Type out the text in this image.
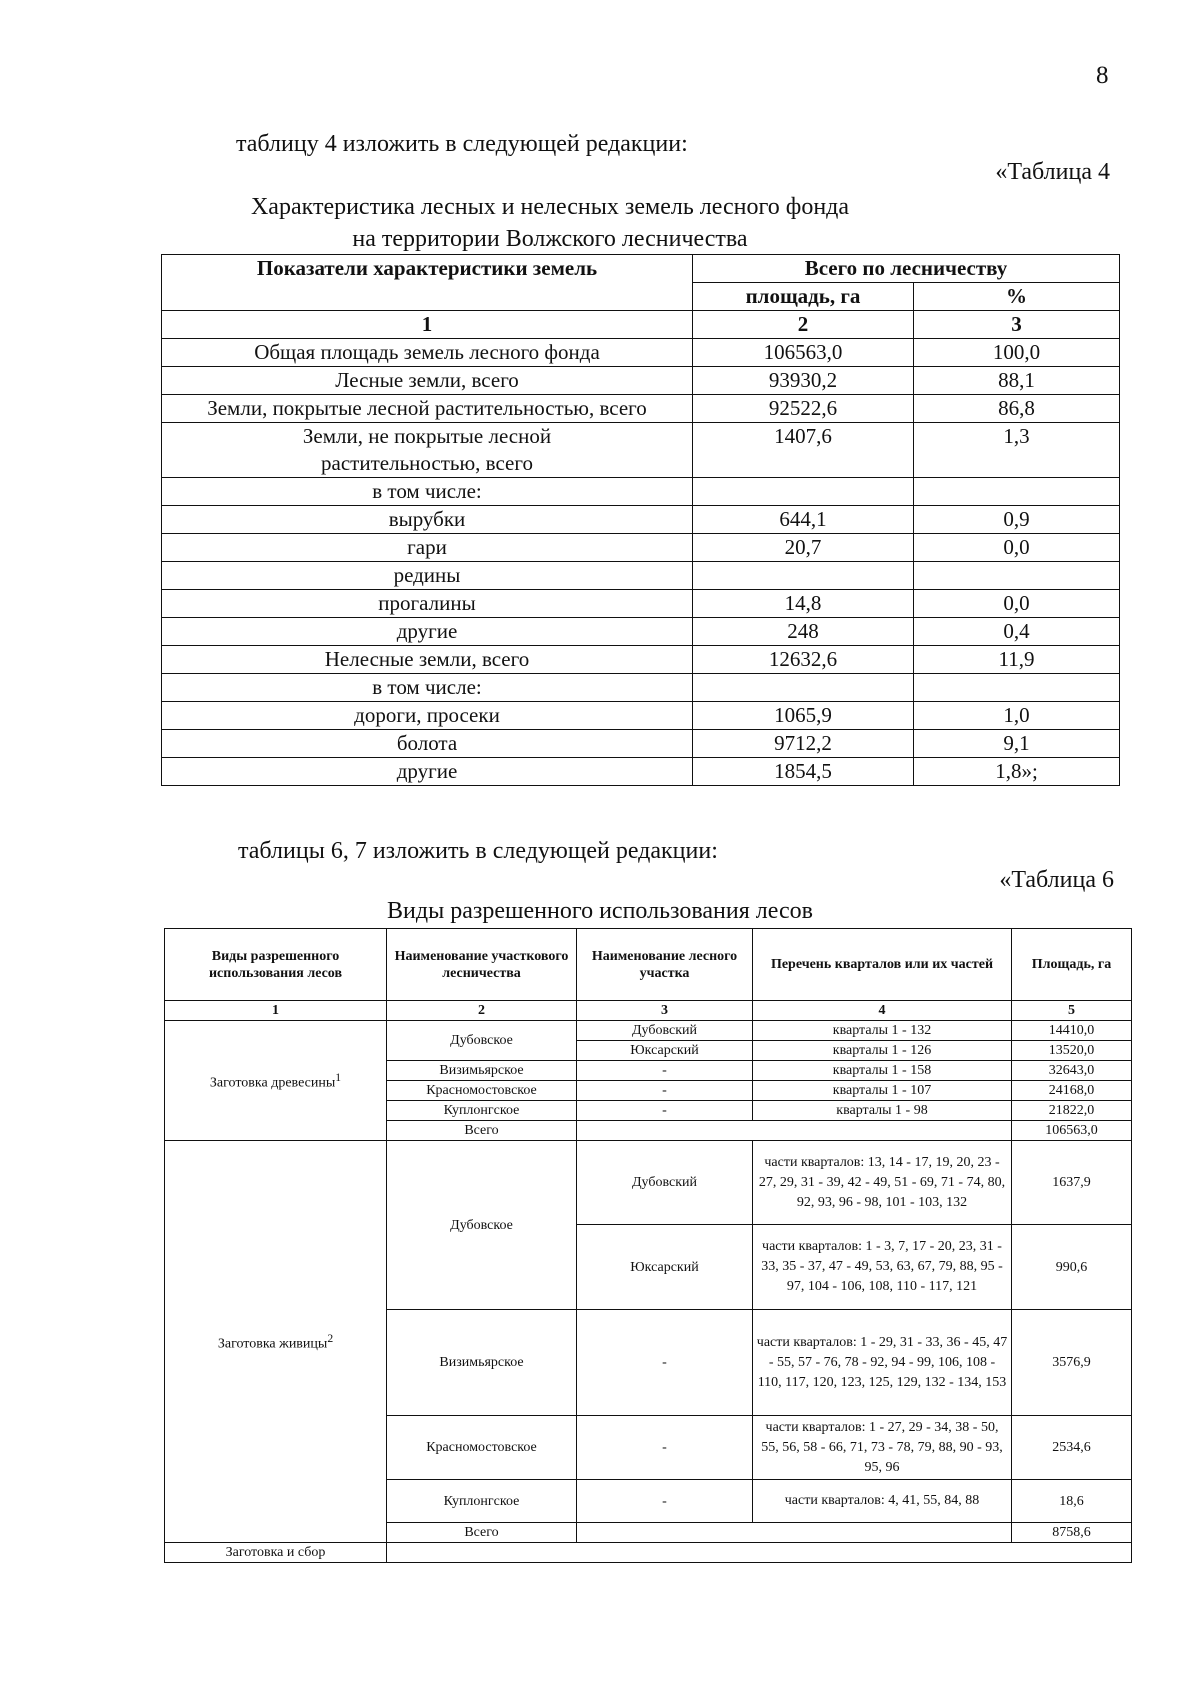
8
таблицу 4 изложить в следующей редакции:
«Таблица 4
Характеристика лесных и нелесных земель лесного фонда
на территории Волжского лесничества
Показатели характеристики земель	Всего по лесничеству	
	площадь, га	%
1	2	3
Общая площадь земель лесного фонда	106563,0	100,0
Лесные земли, всего	93930,2	88,1
Земли, покрытые лесной растительностью, всего	92522,6	86,8
Земли, не покрытые лесной растительностью, всего	1407,6	1,3
в том числе:		
вырубки	644,1	0,9
гари	20,7	0,0
редины		
прогалины	14,8	0,0
другие	248	0,4
Нелесные земли, всего	12632,6	11,9
в том числе:		
дороги, просеки	1065,9	1,0
болота	9712,2	9,1
другие	1854,5	1,8»;
таблицы 6, 7 изложить в следующей редакции:
«Таблица 6
Виды разрешенного использования лесов
Виды разрешенного использования лесов	Наименование участкового лесничества	Наименование лесного участка	Перечень кварталов или их частей	Площадь, га
1	2	3	4	5
Заготовка древесины$^1$	Дубовское	Дубовский	кварталы 1 - 132	14410,0
		Юксарский	кварталы 1 - 126	13520,0
	Визимьярское	-	кварталы 1 - 158	32643,0
	Красномостовское	-	кварталы 1 - 107	24168,0
	Куплонгское	-	кварталы 1 - 98	21822,0
	Всего			106563,0
Заготовка живицы$^2$	Дубовское	Дубовский	части кварталов: 13, 14 - 17, 19, 20, 23 - 27, 29, 31 - 39, 42 - 49, 51 - 69, 71 - 74, 80, 92, 93, 96 - 98, 101 - 103, 132	1637,9
		Юксарский	части кварталов: 1 - 3, 7, 17 - 20, 23, 31 - 33, 35 - 37, 47 - 49, 53, 63, 67, 79, 88, 95 - 97, 104 - 106, 108, 110 - 117, 121	990,6
	Визимьярское	-	части кварталов: 1 - 29, 31 - 33, 36 - 45, 47 - 55, 57 - 76, 78 - 92, 94 - 99, 106, 108 - 110, 117, 120, 123, 125, 129, 132 - 134, 153	3576,9
	Красномостовское	-	части кварталов: 1 - 27, 29 - 34, 38 - 50, 55, 56, 58 - 66, 71, 73 - 78, 79, 88, 90 - 93, 95, 96	2534,6
	Куплонгское	-	части кварталов: 4, 41, 55, 84, 88	18,6
	Всего			8758,6
Заготовка и сбор				
